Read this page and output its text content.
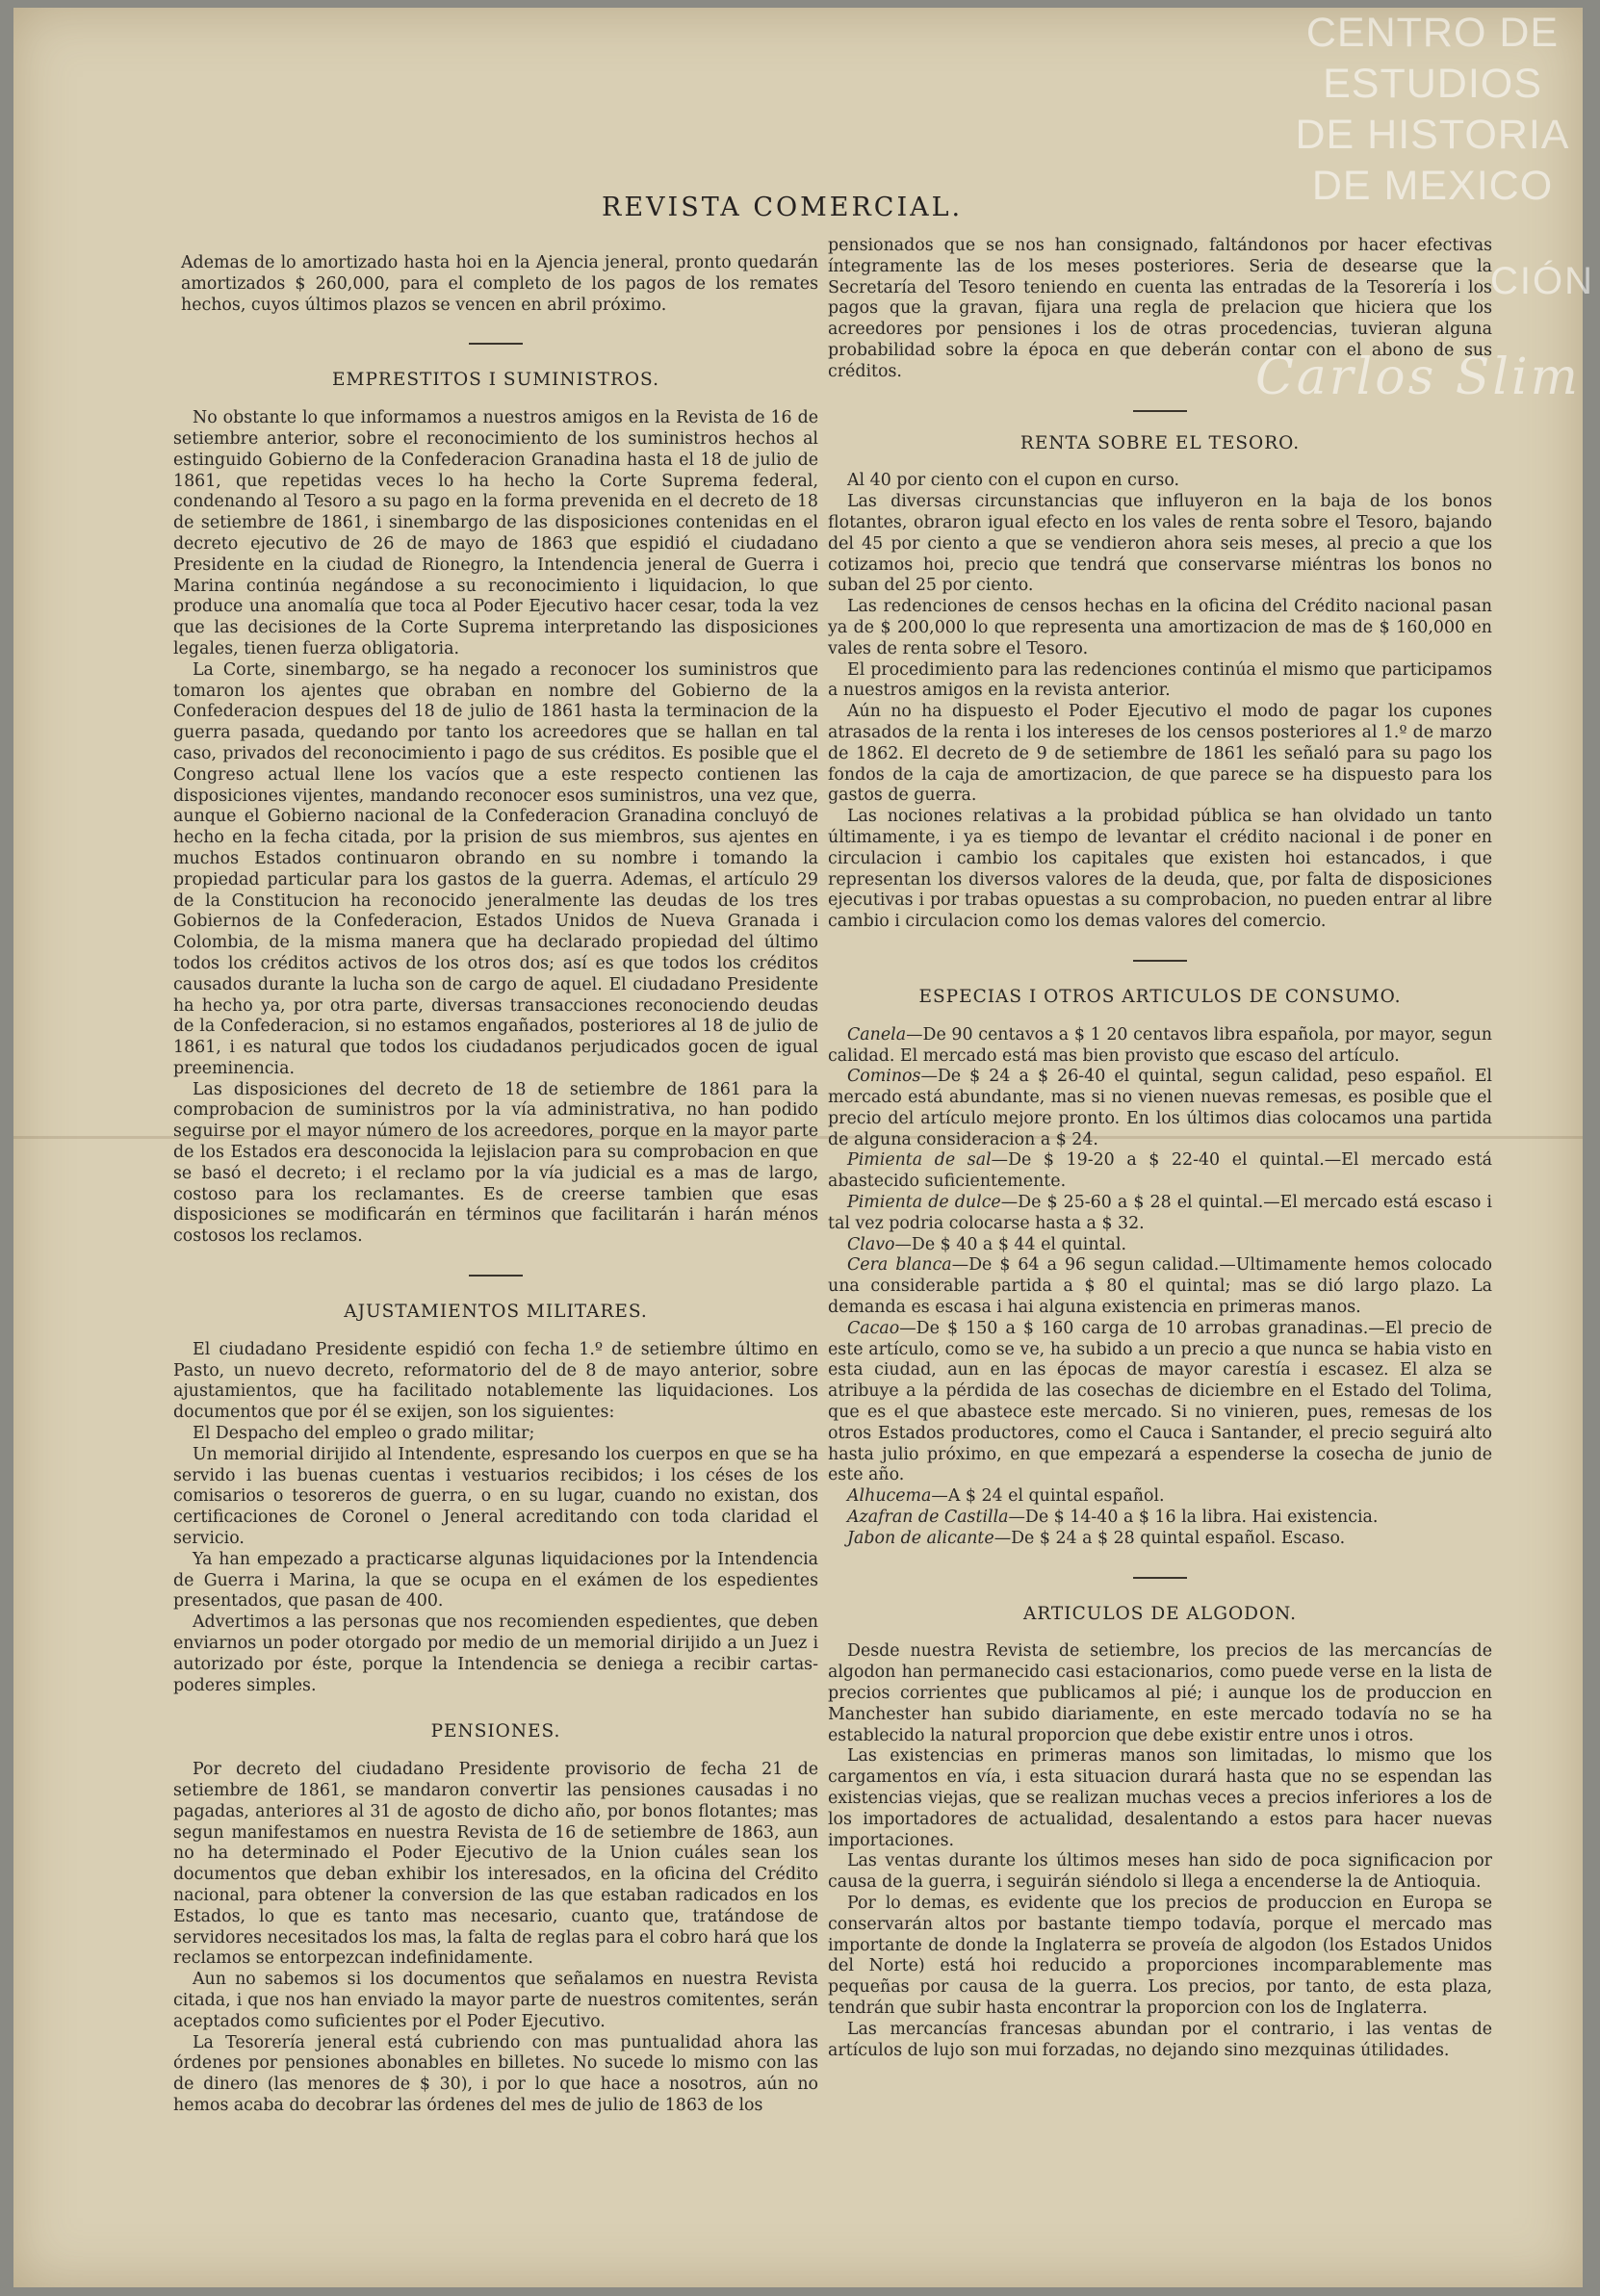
CENTRO DE
ESTUDIOS
DE HISTORIA
DE MEXICO
CIÓN
Carlos Slim
REVISTA COMERCIAL.

Ademas de lo amortizado hasta hoi en la Ajencia jeneral, pronto quedarán amortizados $ 260,000, para el completo de los pagos de los remates hechos, cuyos últimos plazos se vencen en abril próximo.

EMPRESTITOS I SUMINISTROS.

No obstante lo que informamos a nuestros amigos en la Revista de 16 de setiembre anterior, sobre el reconocimiento de los suministros hechos al estinguido Gobierno de la Confederacion Granadina hasta el 18 de julio de 1861, que repetidas veces lo ha hecho la Corte Suprema federal, condenando al Tesoro a su pago en la forma prevenida en el decreto de 18 de setiembre de 1861, i sinembargo de las disposiciones contenidas en el decreto ejecutivo de 26 de mayo de 1863 que espidió el ciudadano Presidente en la ciudad de Rionegro, la Intendencia jeneral de Guerra i Marina continúa negándose a su reconocimiento i liquidacion, lo que produce una anomalía que toca al Poder Ejecutivo hacer cesar, toda la vez que las decisiones de la Corte Suprema interpretando las disposiciones legales, tienen fuerza obligatoria.

La Corte, sinembargo, se ha negado a reconocer los suministros que tomaron los ajentes que obraban en nombre del Gobierno de la Confederacion despues del 18 de julio de 1861 hasta la terminacion de la guerra pasada, quedando por tanto los acreedores que se hallan en tal caso, privados del reconocimiento i pago de sus créditos. Es posible que el Congreso actual llene los vacíos que a este respecto contienen las disposiciones vijentes, mandando reconocer esos suministros, una vez que, aunque el Gobierno nacional de la Confederacion Granadina concluyó de hecho en la fecha citada, por la prision de sus miembros, sus ajentes en muchos Estados continuaron obrando en su nombre i tomando la propiedad particular para los gastos de la guerra. Ademas, el artículo 29 de la Constitucion ha reconocido jeneralmente las deudas de los tres Gobiernos de la Confederacion, Estados Unidos de Nueva Granada i Colombia, de la misma manera que ha declarado propiedad del último todos los créditos activos de los otros dos; así es que todos los créditos causados durante la lucha son de cargo de aquel. El ciudadano Presidente ha hecho ya, por otra parte, diversas transacciones reconociendo deudas de la Confederacion, si no estamos engañados, posteriores al 18 de julio de 1861, i es natural que todos los ciudadanos perjudicados gocen de igual preeminencia.

Las disposiciones del decreto de 18 de setiembre de 1861 para la comprobacion de suministros por la vía administrativa, no han podido seguirse por el mayor número de los acreedores, porque en la mayor parte de los Estados era desconocida la lejislacion para su comprobacion en que se basó el decreto; i el reclamo por la vía judicial es a mas de largo, costoso para los reclamantes. Es de creerse tambien que esas disposiciones se modificarán en términos que facilitarán i harán ménos costosos los reclamos.

AJUSTAMIENTOS MILITARES.

El ciudadano Presidente espidió con fecha 1.º de setiembre último en Pasto, un nuevo decreto, reformatorio del de 8 de mayo anterior, sobre ajustamientos, que ha facilitado notablemente las liquidaciones. Los documentos que por él se exijen, son los siguientes:

El Despacho del empleo o grado militar;

Un memorial dirijido al Intendente, espresando los cuerpos en que se ha servido i las buenas cuentas i vestuarios recibidos; i los céses de los comisarios o tesoreros de guerra, o en su lugar, cuando no existan, dos certificaciones de Coronel o Jeneral acreditando con toda claridad el servicio.

Ya han empezado a practicarse algunas liquidaciones por la Intendencia de Guerra i Marina, la que se ocupa en el exámen de los espedientes presentados, que pasan de 400.

Advertimos a las personas que nos recomienden espedientes, que deben enviarnos un poder otorgado por medio de un memorial dirijido a un Juez i autorizado por éste, porque la Intendencia se deniega a recibir cartas-poderes simples.

PENSIONES.

Por decreto del ciudadano Presidente provisorio de fecha 21 de setiembre de 1861, se mandaron convertir las pensiones causadas i no pagadas, anteriores al 31 de agosto de dicho año, por bonos flotantes; mas segun manifestamos en nuestra Revista de 16 de setiembre de 1863, aun no ha determinado el Poder Ejecutivo de la Union cuáles sean los documentos que deban exhibir los interesados, en la oficina del Crédito nacional, para obtener la conversion de las que estaban radicados en los Estados, lo que es tanto mas necesario, cuanto que, tratándose de servidores necesitados los mas, la falta de reglas para el cobro hará que los reclamos se entorpezcan indefinidamente.

Aun no sabemos si los documentos que señalamos en nuestra Revista citada, i que nos han enviado la mayor parte de nuestros comitentes, serán aceptados como suficientes por el Poder Ejecutivo.

La Tesorería jeneral está cubriendo con mas puntualidad ahora las órdenes por pensiones abonables en billetes. No sucede lo mismo con las de dinero (las menores de $ 30), i por lo que hace a nosotros, aún no hemos acaba do decobrar las órdenes del mes de julio de 1863 de los

pensionados que se nos han consignado, faltándonos por hacer efectivas íntegramente las de los meses posteriores. Seria de desearse que la Secretaría del Tesoro teniendo en cuenta las entradas de la Tesorería i los pagos que la gravan, fijara una regla de prelacion que hiciera que los acreedores por pensiones i los de otras procedencias, tuvieran alguna probabilidad sobre la época en que deberán contar con el abono de sus créditos.

RENTA SOBRE EL TESORO.

Al 40 por ciento con el cupon en curso.

Las diversas circunstancias que influyeron en la baja de los bonos flotantes, obraron igual efecto en los vales de renta sobre el Tesoro, bajando del 45 por ciento a que se vendieron ahora seis meses, al precio a que los cotizamos hoi, precio que tendrá que conservarse miéntras los bonos no suban del 25 por ciento.

Las redenciones de censos hechas en la oficina del Crédito nacional pasan ya de $ 200,000 lo que representa una amortizacion de mas de $ 160,000 en vales de renta sobre el Tesoro.

El procedimiento para las redenciones continúa el mismo que participamos a nuestros amigos en la revista anterior.

Aún no ha dispuesto el Poder Ejecutivo el modo de pagar los cupones atrasados de la renta i los intereses de los censos posteriores al 1.º de marzo de 1862. El decreto de 9 de setiembre de 1861 les señaló para su pago los fondos de la caja de amortizacion, de que parece se ha dispuesto para los gastos de guerra.

Las nociones relativas a la probidad pública se han olvidado un tanto últimamente, i ya es tiempo de levantar el crédito nacional i de poner en circulacion i cambio los capitales que existen hoi estancados, i que representan los diversos valores de la deuda, que, por falta de disposiciones ejecutivas i por trabas opuestas a su comprobacion, no pueden entrar al libre cambio i circulacion como los demas valores del comercio.

ESPECIAS I OTROS ARTICULOS DE CONSUMO.

Canela—De 90 centavos a $ 1 20 centavos libra española, por mayor, segun calidad. El mercado está mas bien provisto que escaso del artículo.

Cominos—De $ 24 a $ 26-40 el quintal, segun calidad, peso español. El mercado está abundante, mas si no vienen nuevas remesas, es posible que el precio del artículo mejore pronto. En los últimos dias colocamos una partida de alguna consideracion a $ 24.

Pimienta de sal—De $ 19-20 a $ 22-40 el quintal.—El mercado está abastecido suficientemente.

Pimienta de dulce—De $ 25-60 a $ 28 el quintal.—El mercado está escaso i tal vez podria colocarse hasta a $ 32.

Clavo—De $ 40 a $ 44 el quintal.

Cera blanca—De $ 64 a 96 segun calidad.—Ultimamente hemos colocado una considerable partida a $ 80 el quintal; mas se dió largo plazo. La demanda es escasa i hai alguna existencia en primeras manos.

Cacao—De $ 150 a $ 160 carga de 10 arrobas granadinas.—El precio de este artículo, como se ve, ha subido a un precio a que nunca se habia visto en esta ciudad, aun en las épocas de mayor carestía i escasez. El alza se atribuye a la pérdida de las cosechas de diciembre en el Estado del Tolima, que es el que abastece este mercado. Si no vinieren, pues, remesas de los otros Estados productores, como el Cauca i Santander, el precio seguirá alto hasta julio próximo, en que empezará a espenderse la cosecha de junio de este año.

Alhucema—A $ 24 el quintal español.

Azafran de Castilla—De $ 14-40 a $ 16 la libra. Hai existencia.

Jabon de alicante—De $ 24 a $ 28 quintal español. Escaso.

ARTICULOS DE ALGODON.

Desde nuestra Revista de setiembre, los precios de las mercancías de algodon han permanecido casi estacionarios, como puede verse en la lista de precios corrientes que publicamos al pié; i aunque los de produccion en Manchester han subido diariamente, en este mercado todavía no se ha establecido la natural proporcion que debe existir entre unos i otros.

Las existencias en primeras manos son limitadas, lo mismo que los cargamentos en vía, i esta situacion durará hasta que no se espendan las existencias viejas, que se realizan muchas veces a precios inferiores a los de los importadores de actualidad, desalentando a estos para hacer nuevas importaciones.

Las ventas durante los últimos meses han sido de poca significacion por causa de la guerra, i seguirán siéndolo si llega a encenderse la de Antioquia.

Por lo demas, es evidente que los precios de produccion en Europa se conservarán altos por bastante tiempo todavía, porque el mercado mas importante de donde la Inglaterra se proveía de algodon (los Estados Unidos del Norte) está hoi reducido a proporciones incomparablemente mas pequeñas por causa de la guerra. Los precios, por tanto, de esta plaza, tendrán que subir hasta encontrar la proporcion con los de Inglaterra.

Las mercancías francesas abundan por el contrario, i las ventas de artículos de lujo son mui forzadas, no dejando sino mezquinas útilidades.
